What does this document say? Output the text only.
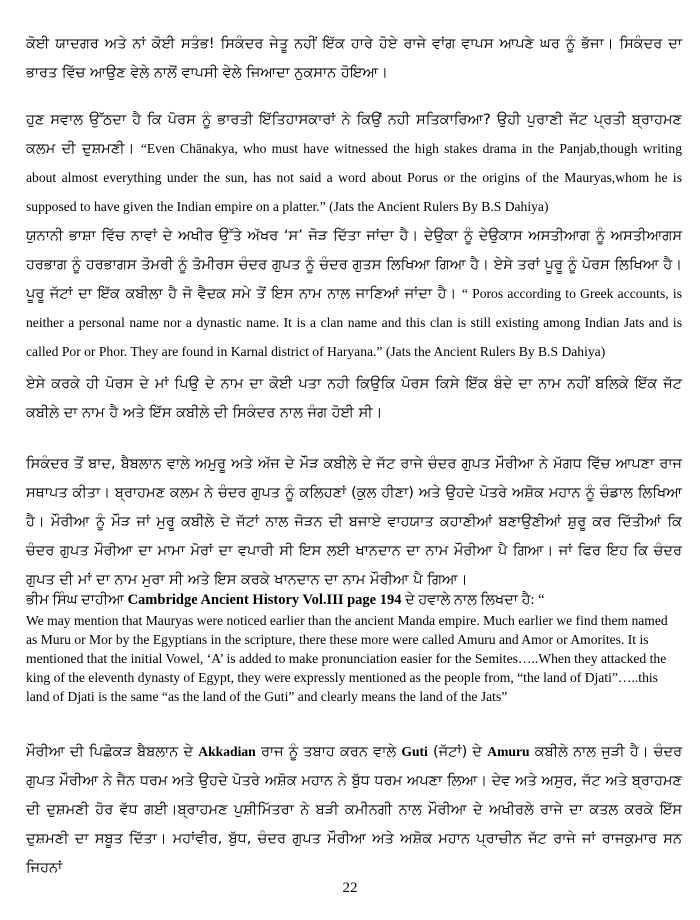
ਕੋਈ ਯਾਦਗਰ ਅਤੇ ਨਾਂ ਕੋਈ ਸਤੰਭ! ਸਿਕੰਦਰ ਜੇਤੂ ਨਹੀਂ ਇੱਕ ਹਾਰੇ ਹੋਏ ਰਾਜੇ ਵਾਂਗ ਵਾਪਸ ਆਪਣੇ ਘਰ ਨੂੰ ਭੱਜਾ। ਸਿਕੰਦਰ ਦਾ ਭਾਰਤ ਵਿੱਚ ਆਉਣ ਵੇਲੇ ਨਾਲੋਂ ਵਾਪਸੀ ਵੇਲੇ ਜਿਆਦਾ ਨੁਕਸਾਨ ਹੋਇਆ।

ਹੁਣ ਸਵਾਲ ਉੱਠਦਾ ਹੈ ਕਿ ਪੋਰਸ ਨੂੰ ਭਾਰਤੀ ਇੱਤਿਹਾਸਕਾਰਾਂ ਨੇ ਕਿਉਂ ਨਹੀ ਸਤਿਕਾਰਿਆ? ਉਹੀ ਪੁਰਾਣੀ ਜੱਟ ਪ੍ਰਤੀ ਬ੍ਰਾਹਮਣ ਕਲਮ ਦੀ ਦੁਸ਼ਮਣੀ। “Even Chānakya, who must have witnessed the high stakes drama in the Panjab,though writing about almost everything under the sun, has not said a word about Porus or the origins of the Mauryas,whom he is supposed to have given the Indian empire on a platter.” (Jats the Ancient Rulers By B.S Dahiya)

ਯੁਨਾਨੀ ਭਾਸ਼ਾ ਵਿੱਚ ਨਾਵਾਂ ਦੇ ਅਖੀਰ ਉੱਤੇ ਅੱਖਰ ‘ਸ’ ਜੋੜ ਦਿੱਤਾ ਜਾਂਦਾ ਹੈ। ਦੇਉਕਾ ਨੂੰ ਦੇਉਕਾਸ ਅਸਤੀਆਗ ਨੂੰ ਅਸਤੀਆਗਸ ਹਰਭਾਗ ਨੂੰ ਹਰਭਾਗਸ ਤੋਮਰੀ ਨੂੰ ਤੋਮੀਰਸ ਚੰਦਰ ਗੁਪਤ ਨੂੰ ਚੰਦਰ ਗੁਤਸ ਲਿਖਿਆ ਗਿਆ ਹੈ। ਏਸੇ ਤਰਾਂ ਪੂਰੂ ਨੂੰ ਪੋਰਸ ਲਿਖਿਆ ਹੈ। ਪੂਰੂ ਜੱਟਾਂ ਦਾ ਇੱਕ ਕਬੀਲਾ ਹੈ ਜੋ ਵੈਦਕ ਸਮੇ ਤੋਂ ਇਸ ਨਾਮ ਨਾਲ ਜਾਣਿਆਂ ਜਾਂਦਾ ਹੈ। “ Poros according to Greek accounts, is neither a personal name nor a dynastic name. It is a clan name and this clan is still existing among Indian Jats and is called Por or Phor. They are found in Karnal district of Haryana.” (Jats the Ancient Rulers By B.S Dahiya)

ਏਸੇ ਕਰਕੇ ਹੀ ਪੋਰਸ ਦੇ ਮਾਂ ਪਿਉ ਦੇ ਨਾਮ ਦਾ ਕੋਈ ਪਤਾ ਨਹੀ ਕਿਉਕਿ ਪੋਰਸ ਕਿਸੇ ਇੱਕ ਬੰਦੇ ਦਾ ਨਾਮ ਨਹੀਂ ਬਲਿਕੇ ਇੱਕ ਜੱਟ ਕਬੀਲੇ ਦਾ ਨਾਮ ਹੈ ਅਤੇ ਇੱਸ ਕਬੀਲੇ ਦੀ ਸਿਕੰਦਰ ਨਾਲ ਜੰਗ ਹੋਈ ਸੀ।

ਸਿਕੰਦਰ ਤੋਂ ਬਾਦ, ਬੈਬਲਾਨ ਵਾਲੇ ਅਮੁਰੂ ਅਤੇ ਅੱਜ ਦੇ ਮੌੜ ਕਬੀਲੇ ਦੇ ਜੱਟ ਰਾਜੇ ਚੰਦਰ ਗੁਪਤ ਮੌਰੀਆ ਨੇ ਮੱਗਧ ਵਿੱਚ ਆਪਣਾ ਰਾਜ ਸਥਾਪਤ ਕੀਤਾ। ਬ੍ਰਾਹਮਣ ਕਲਮ ਨੇ ਚੰਦਰ ਗੁਪਤ ਨੂੰ ਕਲਿਹਣਾਂ (ਕੁਲ ਹੀਣਾ) ਅਤੇ ਉਹਦੇ ਪੋਤਰੇ ਅਸ਼ੋਕ ਮਹਾਨ ਨੂੰ ਚੰਡਾਲ ਲਿਖਿਆ ਹੈ। ਮੌਰੀਆ ਨੂੰ ਮੌੜ ਜਾਂ ਮੁਰੂ ਕਬੀਲੇ ਦੇ ਜੱਟਾਂ ਨਾਲ ਜੋੜਨ ਦੀ ਬਜਾਏ ਵਾਹਯਾਤ ਕਹਾਣੀਆਂ ਬਣਾਉਣੀਆਂ ਸ਼ੁਰੂ ਕਰ ਦਿੱਤੀਆਂ ਕਿ ਚੰਦਰ ਗੁਪਤ ਮੌਰੀਆ ਦਾ ਮਾਮਾ ਮੋਰਾਂ ਦਾ ਵਪਾਰੀ ਸੀ ਇਸ ਲਈ ਖਾਨਦਾਨ ਦਾ ਨਾਮ ਮੌਰੀਆ ਪੈ ਗਿਆ। ਜਾਂ ਫਿਰ ਇਹ ਕਿ ਚੰਦਰ ਗੁਪਤ ਦੀ ਮਾਂ ਦਾ ਨਾਮ ਮੁਰਾ ਸੀ ਅਤੇ ਇਸ ਕਰਕੇ ਖਾਨਦਾਨ ਦਾ ਨਾਮ ਮੌਰੀਆ ਪੈ ਗਿਆ।

ਭੀਮ ਸਿੰਘ ਦਾਹੀਆ Cambridge Ancient History Vol.III page 194 ਦੇ ਹਵਾਲੇ ਨਾਲ ਲਿਖਦਾ ਹੈ: “
We may mention that Mauryas were noticed earlier than the ancient Manda empire. Much earlier we find them named as Muru or Mor by the Egyptians in the scripture, there these more were called Amuru and Amor or Amorites. It is mentioned that the initial Vowel, ‘A’ is added to make pronunciation easier for the Semites…..When they attacked the king of the eleventh dynasty of Egypt, they were expressly mentioned as the people from, “the land of Djati”…..this land of Djati is the same “as the land of the Guti” and clearly means the land of the Jats”

ਮੌਰੀਆ ਦੀ ਪਿਛੋਕੜ ਬੈਬਲਾਨ ਦੇ Akkadian ਰਾਜ ਨੂੰ ਤਬਾਹ ਕਰਨ ਵਾਲੇ Guti (ਜੱਟਾਂ) ਦੇ Amuru ਕਬੀਲੇ ਨਾਲ ਜੁੜੀ ਹੈ। ਚੰਦਰ ਗੁਪਤ ਮੌਰੀਆ ਨੇ ਜੈਨ ਧਰਮ ਅਤੇ ਉਹਦੇ ਪੋਤਰੇ ਅਸ਼ੋਕ ਮਹਾਨ ਨੇ ਬੁੱਧ ਧਰਮ ਅਪਣਾ ਲਿਆ। ਦੇਵ ਅਤੇ ਅਸੁਰ, ਜੱਟ ਅਤੇ ਬ੍ਰਾਹਮਣ ਦੀ ਦੁਸ਼ਮਣੀ ਹੋਰ ਵੱਧ ਗਈ।ਬ੍ਰਾਹਮਣ ਪੁਸ਼ੀਮਿੱਤਰਾ ਨੇ ਬੜੀ ਕਮੀਨਗੀ ਨਾਲ ਮੌਰੀਆ ਦੇ ਅਖੀਰਲੇ ਰਾਜੇ ਦਾ ਕਤਲ ਕਰਕੇ ਇੱਸ ਦੁਸ਼ਮਣੀ ਦਾ ਸਬੂਤ ਦਿੱਤਾ। ਮਹਾਂਵੀਰ, ਬੁੱਧ, ਚੰਦਰ ਗੁਪਤ ਮੌਰੀਆ ਅਤੇ ਅਸ਼ੋਕ ਮਹਾਨ ਪ੍ਰਾਚੀਨ ਜੱਟ ਰਾਜੇ ਜਾਂ ਰਾਜਕੁਮਾਰ ਸਨ ਜਿਹਨਾਂ

22
